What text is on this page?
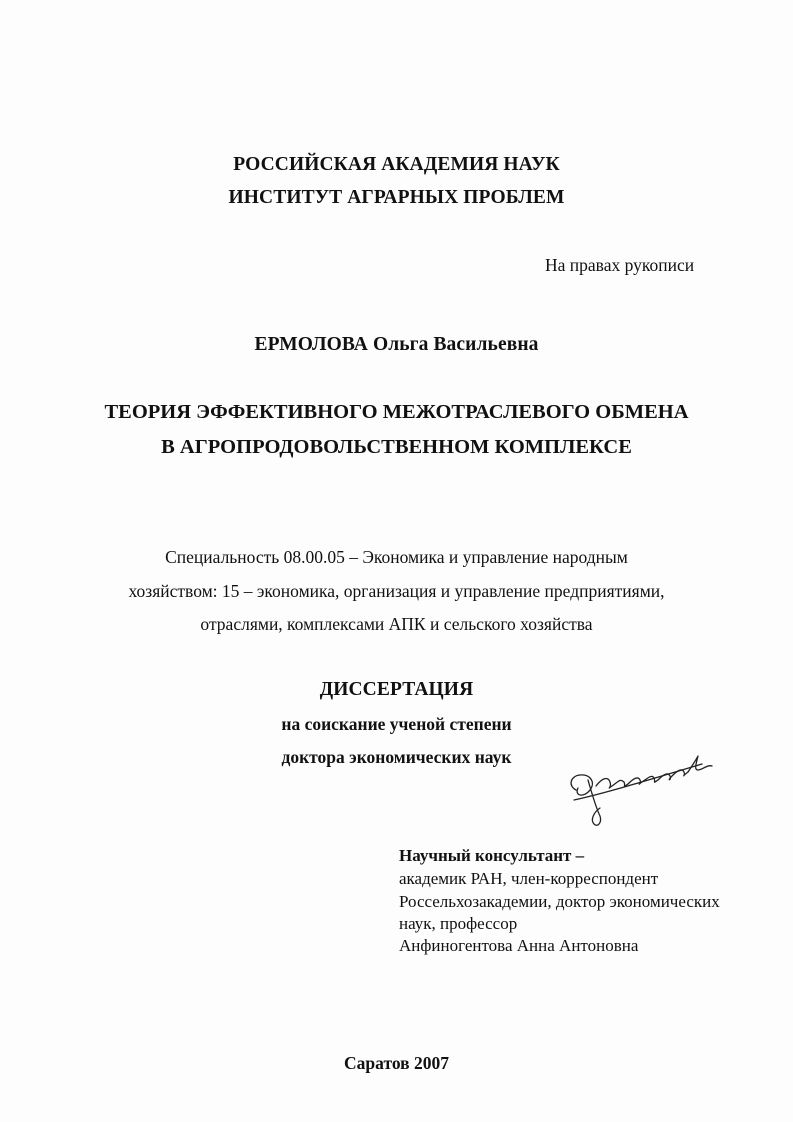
РОССИЙСКАЯ АКАДЕМИЯ НАУК
ИНСТИТУТ АГРАРНЫХ ПРОБЛЕМ
На правах рукописи
ЕРМОЛОВА Ольга Васильевна
ТЕОРИЯ ЭФФЕКТИВНОГО МЕЖОТРАСЛЕВОГО ОБМЕНА
В АГРОПРОДОВОЛЬСТВЕННОМ КОМПЛЕКСЕ
Специальность 08.00.05 – Экономика и управление народным
хозяйством: 15 – экономика, организация и управление предприятиями,
отраслями, комплексами АПК и сельского хозяйства
ДИССЕРТАЦИЯ
на соискание ученой степени
доктора экономических наук
Научный консультант –
академик РАН, член-корреспондент
Россельхозакадемии, доктор экономических
наук, профессор
Анфиногентова Анна Антоновна
Саратов 2007
